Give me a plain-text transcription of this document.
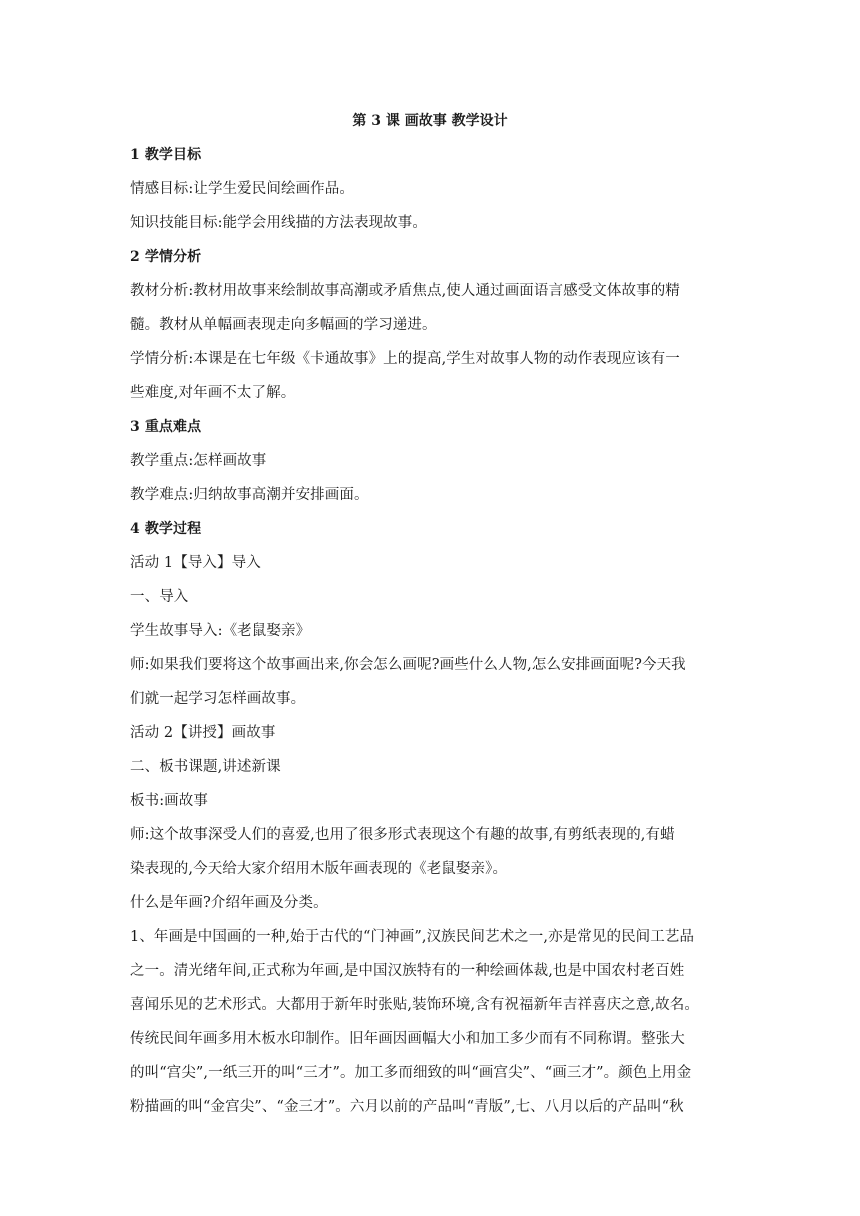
第 3 课 画故事 教学设计
1 教学目标
情感目标:让学生爱民间绘画作品。
知识技能目标:能学会用线描的方法表现故事。
2 学情分析
教材分析:教材用故事来绘制故事高潮或矛盾焦点,使人通过画面语言感受文体故事的精
髓。教材从单幅画表现走向多幅画的学习递进。
学情分析:本课是在七年级《卡通故事》上的提高,学生对故事人物的动作表现应该有一
些难度,对年画不太了解。
3 重点难点
教学重点:怎样画故事
教学难点:归纳故事高潮并安排画面。
4 教学过程
活动 1【导入】导入
一、导入
学生故事导入:《老鼠娶亲》
师:如果我们要将这个故事画出来,你会怎么画呢?画些什么人物,怎么安排画面呢?今天我
们就一起学习怎样画故事。
活动 2【讲授】画故事
二、板书课题,讲述新课
板书:画故事
师:这个故事深受人们的喜爱,也用了很多形式表现这个有趣的故事,有剪纸表现的,有蜡
染表现的,今天给大家介绍用木版年画表现的《老鼠娶亲》。
什么是年画?介绍年画及分类。
1、年画是中国画的一种,始于古代的“门神画”,汉族民间艺术之一,亦是常见的民间工艺品
之一。清光绪年间,正式称为年画,是中国汉族特有的一种绘画体裁,也是中国农村老百姓
喜闻乐见的艺术形式。大都用于新年时张贴,装饰环境,含有祝福新年吉祥喜庆之意,故名。
传统民间年画多用木板水印制作。旧年画因画幅大小和加工多少而有不同称谓。整张大
的叫“宫尖”,一纸三开的叫“三才”。加工多而细致的叫“画宫尖”、“画三才”。颜色上用金
粉描画的叫“金宫尖”、“金三才”。六月以前的产品叫“青版”,七、八月以后的产品叫“秋
